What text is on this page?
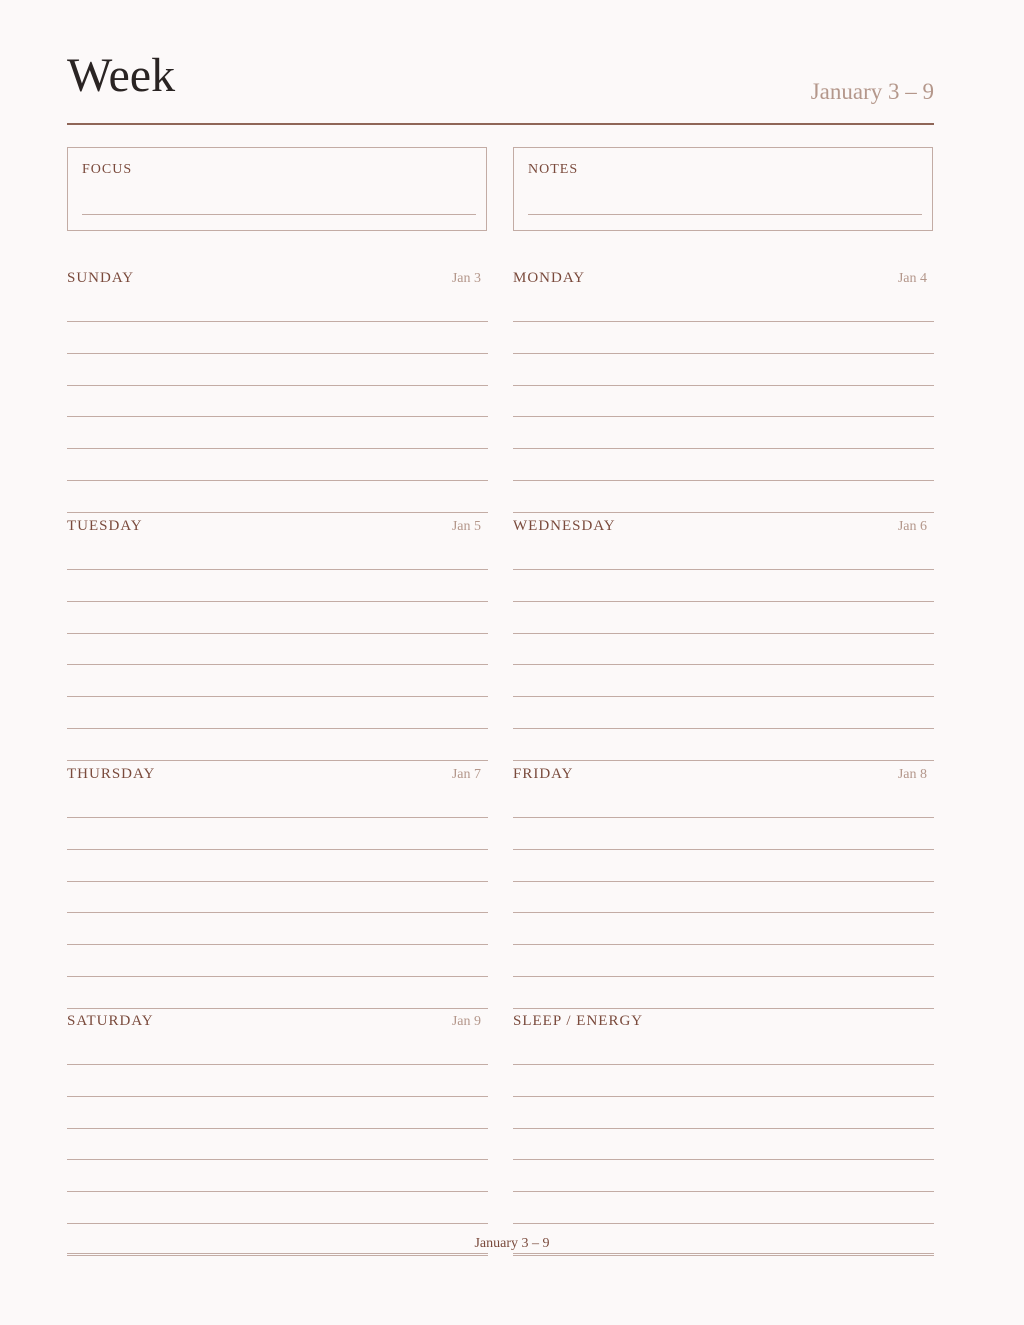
Week	January 3 – 9
FOCUS	NOTES
SUNDAY	Jan 3 MONDAY	Jan 4
TUESDAY	Jan 5 WEDNESDAY	Jan 6
THURSDAY	Jan 7 FRIDAY	Jan 8
SATURDAY	Jan 9 SLEEP / ENERGY
January 3 – 9
